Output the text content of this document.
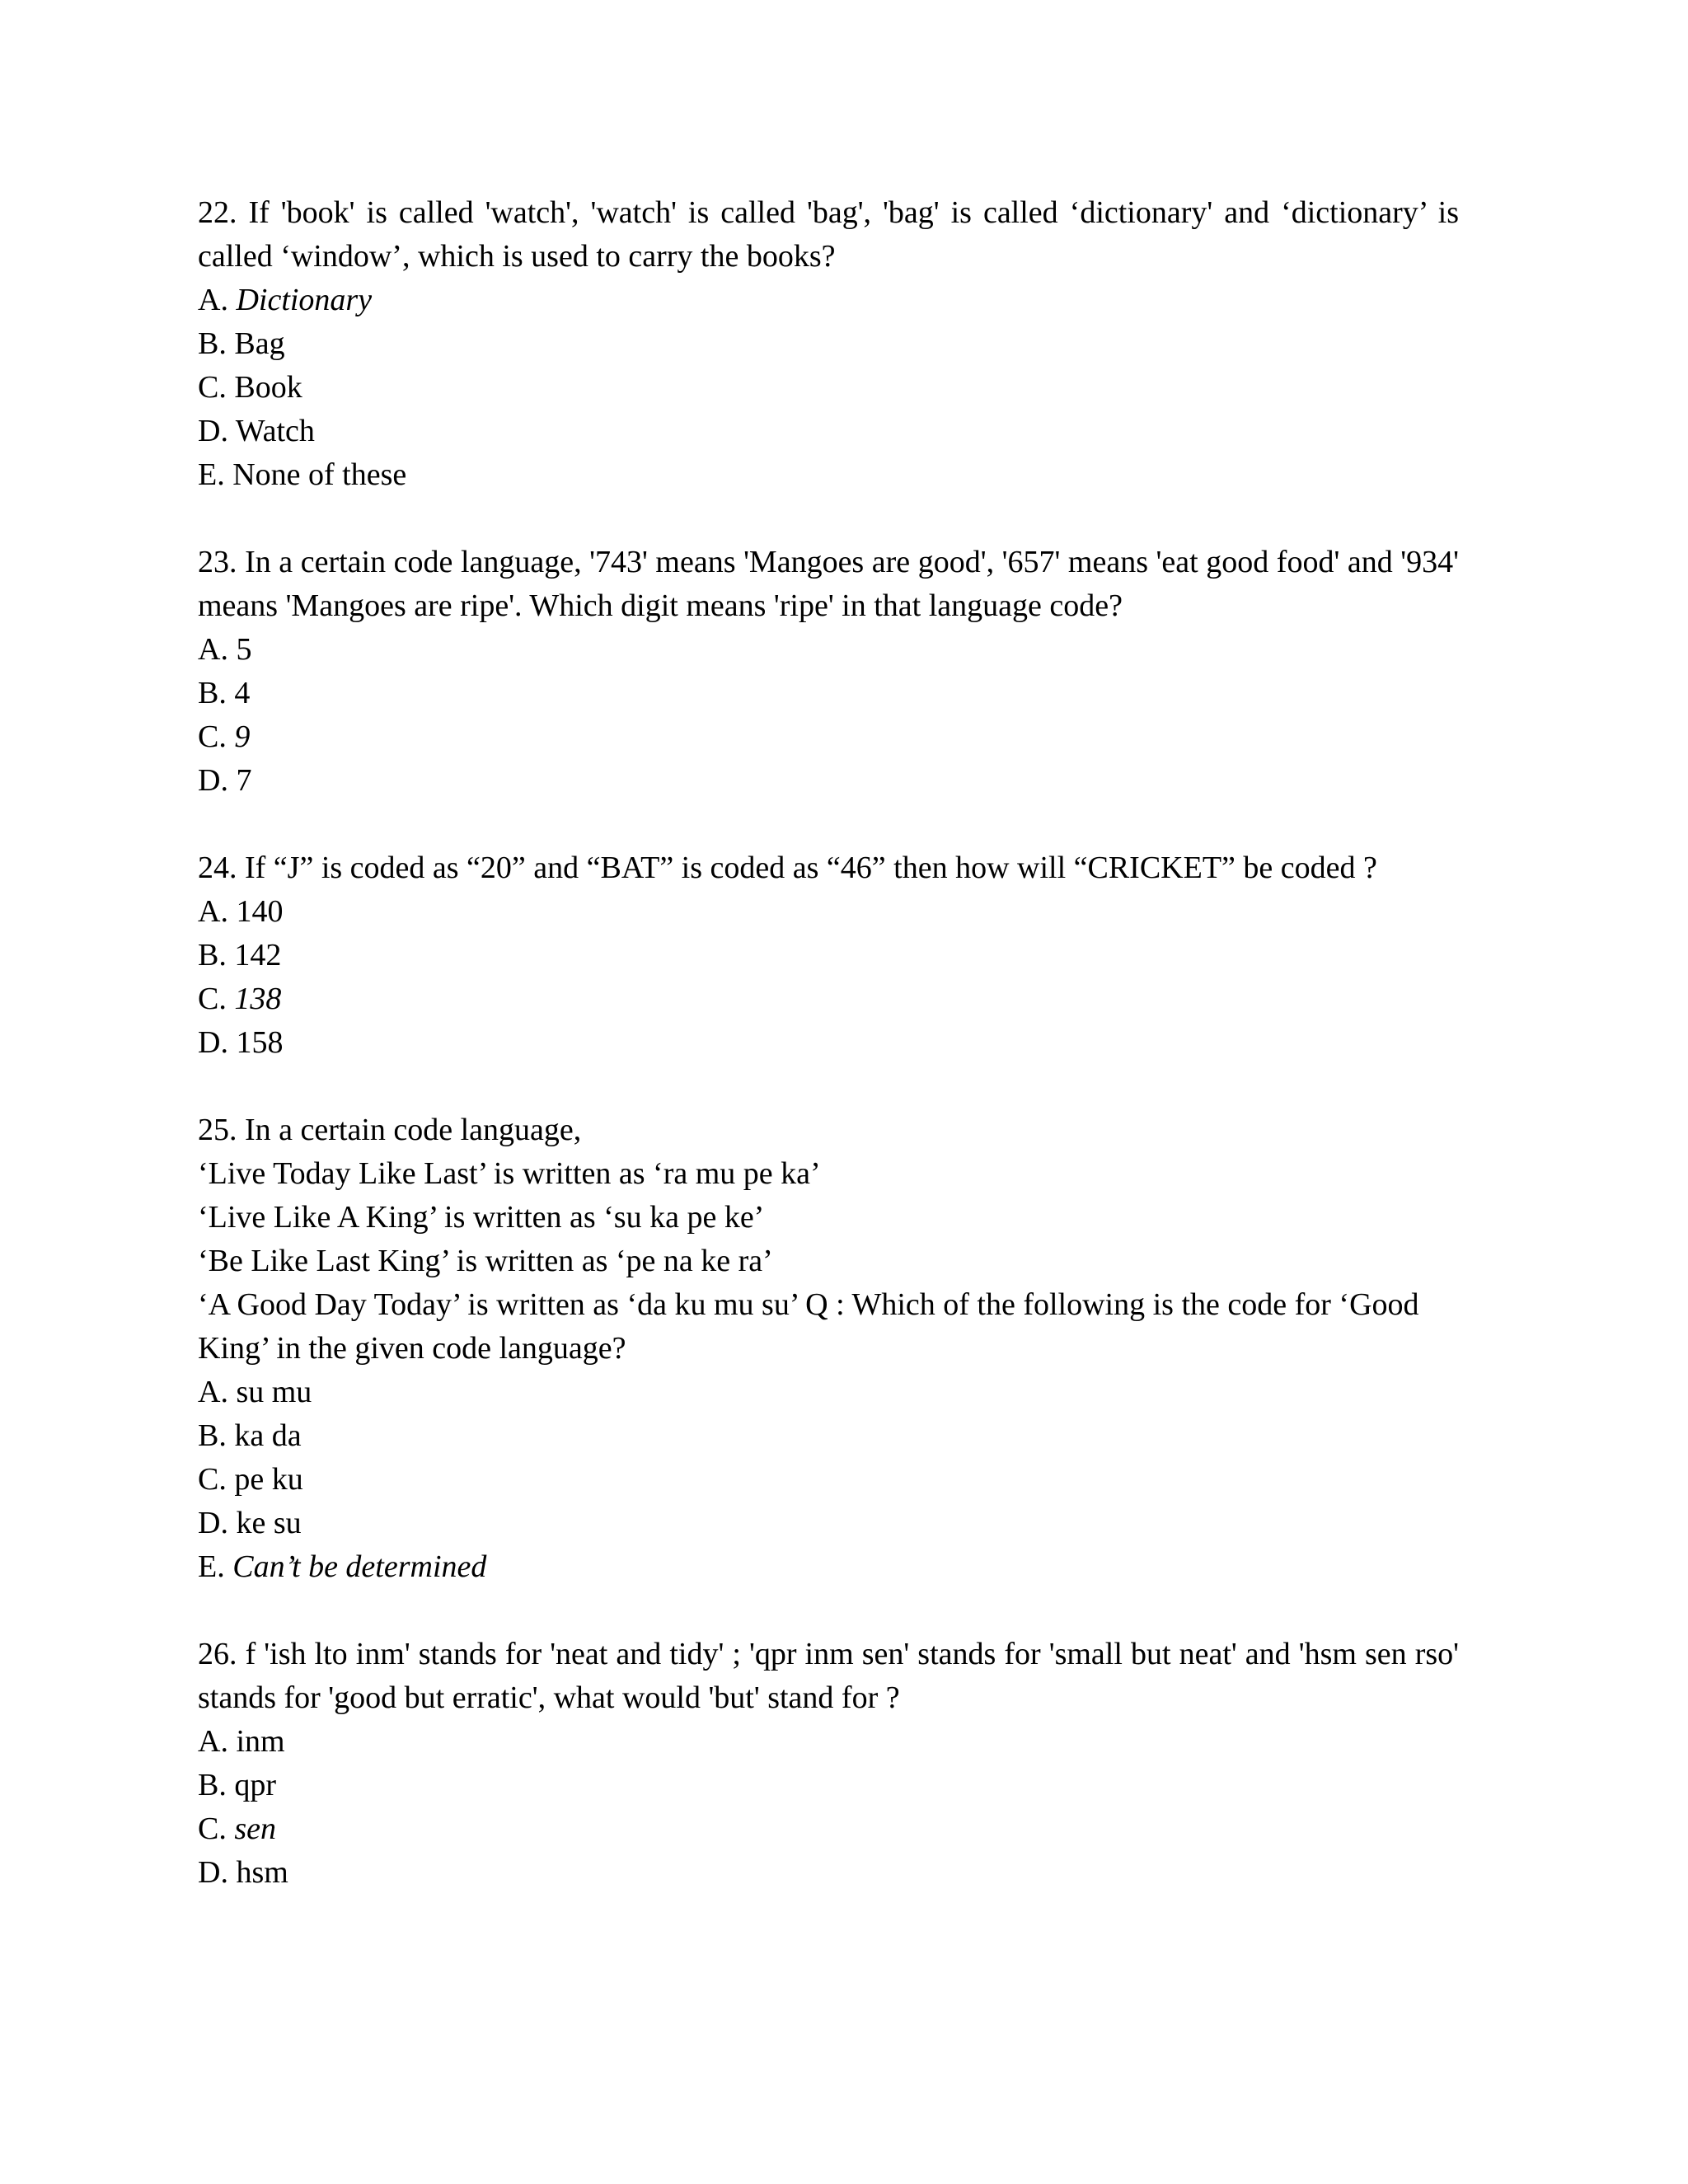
22. If 'book' is called 'watch', 'watch' is called 'bag', 'bag' is called ‘dictionary' and ‘dictionary’ is called ‘window’, which is used to carry the books?

A. Dictionary

B. Bag

C. Book

D. Watch

E. None of these

23. In a certain code language, '743' means 'Mangoes are good', '657' means 'eat good food' and '934' means 'Mangoes are ripe'. Which digit means 'ripe' in that language code?

A. 5

B. 4

C. 9

D. 7

24. If “J” is coded as “20” and “BAT” is coded as “46” then how will “CRICKET” be coded ?

A. 140

B. 142

C. 138

D. 158

25. In a certain code language,

‘Live Today Like Last’ is written as ‘ra mu pe ka’

‘Live Like A King’ is written as ‘su ka pe ke’

‘Be Like Last King’ is written as ‘pe na ke ra’

‘A Good Day Today’ is written as ‘da ku mu su’ Q : Which of the following is the code for ‘Good King’ in the given code language?

A. su mu

B. ka da

C. pe ku

D. ke su

E. Can’t be determined

26. f 'ish lto inm' stands for 'neat and tidy' ; 'qpr inm sen' stands for 'small but neat' and 'hsm sen rso' stands for 'good but erratic', what would 'but' stand for ?

A. inm

B. qpr

C. sen

D. hsm
